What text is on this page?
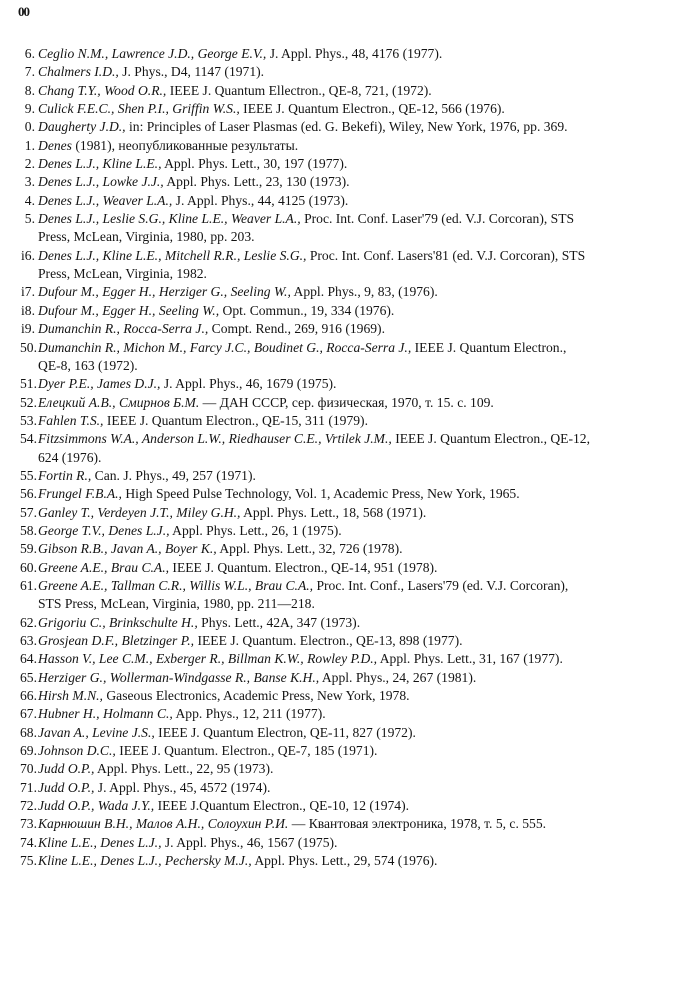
00
6. Ceglio N.M., Lawrence J.D., George E.V., J. Appl. Phys., 48, 4176 (1977).
7. Chalmers I.D., J. Phys., D4, 1147 (1971).
8. Chang T.Y., Wood O.R., IEEE J. Quantum Ellectron., QE-8, 721, (1972).
9. Culick F.E.C., Shen P.I., Griffin W.S., IEEE J. Quantum Electron., QE-12, 566 (1976).
0. Daugherty J.D., in: Principles of Laser Plasmas (ed. G. Bekefi), Wiley, New York, 1976, pp. 369.
1. Denes (1981), неопубликованные результаты.
2. Denes L.J., Kline L.E., Appl. Phys. Lett., 30, 197 (1977).
3. Denes L.J., Lowke J.J., Appl. Phys. Lett., 23, 130 (1973).
4. Denes L.J., Weaver L.A., J. Appl. Phys., 44, 4125 (1973).
5. Denes L.J., Leslie S.G., Kline L.E., Weaver L.A., Proc. Int. Conf. Laser'79 (ed. V.J. Corcoran), STS Press, McLean, Virginia, 1980, pp. 203.
i6. Denes L.J., Kline L.E., Mitchell R.R., Leslie S.G., Proc. Int. Conf. Lasers'81 (ed. V.J. Corcoran), STS Press, McLean, Virginia, 1982.
i7. Dufour M., Egger H., Herziger G., Seeling W., Appl. Phys., 9, 83, (1976).
i8. Dufour M., Egger H., Seeling W., Opt. Commun., 19, 334 (1976).
i9. Dumanchin R., Rocca-Serra J., Compt. Rend., 269, 916 (1969).
50. Dumanchin R., Michon M., Farcy J.C., Boudinet G., Rocca-Serra J., IEEE J. Quantum Electron., QE-8, 163 (1972).
51. Dyer P.E., James D.J., J. Appl. Phys., 46, 1679 (1975).
52. Елецкий А.В., Смирнов Б.М. — ДАН СССР, сер. физическая, 1970, т. 15. с. 109.
53. Fahlen T.S., IEEE J. Quantum Electron., QE-15, 311 (1979).
54. Fitzsimmons W.A., Anderson L.W., Riedhauser C.E., Vrtilek J.M., IEEE J. Quantum Electron., QE-12, 624 (1976).
55. Fortin R., Can. J. Phys., 49, 257 (1971).
56. Frungel F.B.A., High Speed Pulse Technology, Vol. 1, Academic Press, New York, 1965.
57. Ganley T., Verdeyen J.T., Miley G.H., Appl. Phys. Lett., 18, 568 (1971).
58. George T.V., Denes L.J., Appl. Phys. Lett., 26, 1 (1975).
59. Gibson R.B., Javan A., Boyer K., Appl. Phys. Lett., 32, 726 (1978).
60. Greene A.E., Brau C.A., IEEE J. Quantum. Electron., QE-14, 951 (1978).
61. Greene A.E., Tallman C.R., Willis W.L., Brau C.A., Proc. Int. Conf., Lasers'79 (ed. V.J. Corcoran), STS Press, McLean, Virginia, 1980, pp. 211—218.
62. Grigoriu C., Brinkschulte H., Phys. Lett., 42A, 347 (1973).
63. Grosjean D.F., Bletzinger P., IEEE J. Quantum. Electron., QE-13, 898 (1977).
64. Hasson V., Lee C.M., Exberger R., Billman K.W., Rowley P.D., Appl. Phys. Lett., 31, 167 (1977).
65. Herziger G., Wollerman-Windgasse R., Banse K.H., Appl. Phys., 24, 267 (1981).
66. Hirsh M.N., Gaseous Electronics, Academic Press, New York, 1978.
67. Hubner H., Holmann C., App. Phys., 12, 211 (1977).
68. Javan A., Levine J.S., IEEE J. Quantum Electron, QE-11, 827 (1972).
69. Johnson D.C., IEEE J. Quantum. Electron., QE-7, 185 (1971).
70. Judd O.P., Appl. Phys. Lett., 22, 95 (1973).
71. Judd O.P., J. Appl. Phys., 45, 4572 (1974).
72. Judd O.P., Wada J.Y., IEEE J.Quantum Electron., QE-10, 12 (1974).
73. Карнюшин В.Н., Малов А.Н., Солоухин Р.И. — Квантовая электроника, 1978, т. 5, с. 555.
74. Kline L.E., Denes L.J., J. Appl. Phys., 46, 1567 (1975).
75. Kline L.E., Denes L.J., Pechersky M.J., Appl. Phys. Lett., 29, 574 (1976).
